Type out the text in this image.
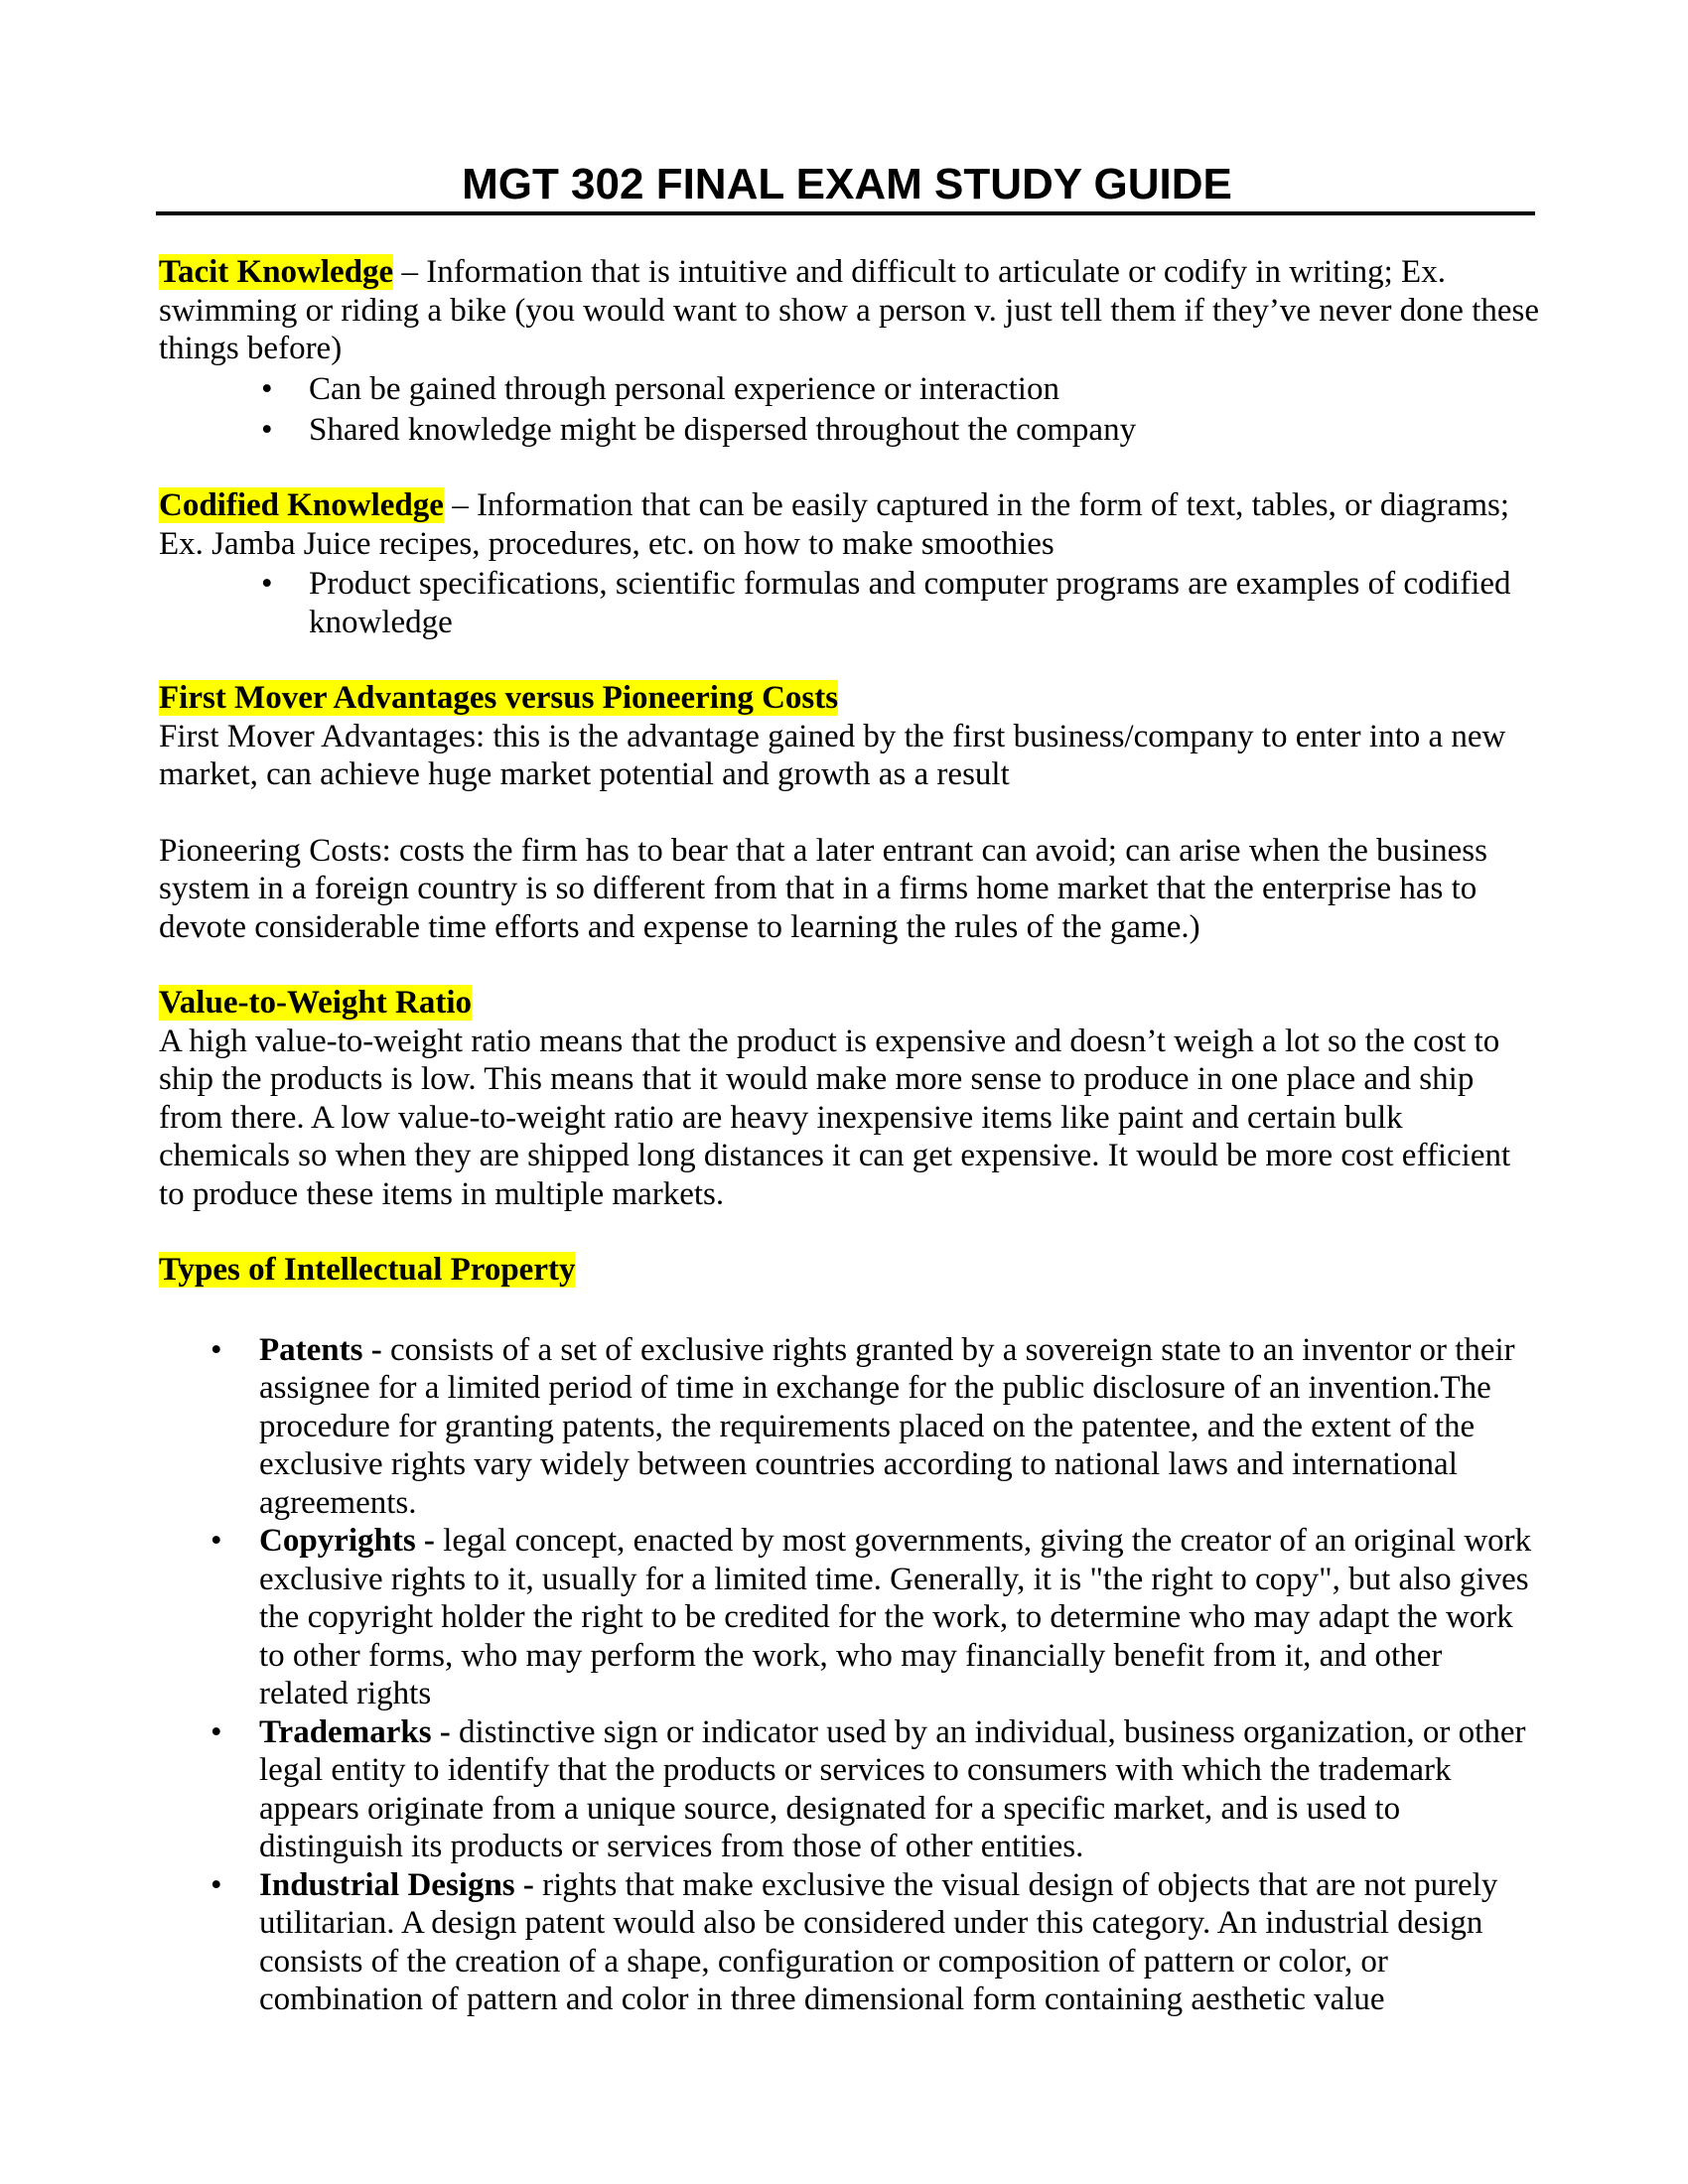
MGT 302 FINAL EXAM STUDY GUIDE

Tacit Knowledge – Information that is intuitive and difficult to articulate or codify in writing; Ex. swimming or riding a bike (you would want to show a person v. just tell them if they’ve never done these things before)

• Can be gained through personal experience or interaction
• Shared knowledge might be dispersed throughout the company

Codified Knowledge – Information that can be easily captured in the form of text, tables, or diagrams; Ex. Jamba Juice recipes, procedures, etc. on how to make smoothies

• Product specifications, scientific formulas and computer programs are examples of codified knowledge

First Mover Advantages versus Pioneering Costs

First Mover Advantages: this is the advantage gained by the first business/company to enter into a new market, can achieve huge market potential and growth as a result

Pioneering Costs: costs the firm has to bear that a later entrant can avoid; can arise when the business system in a foreign country is so different from that in a firms home market that the enterprise has to devote considerable time efforts and expense to learning the rules of the game.)

Value-to-Weight Ratio

A high value-to-weight ratio means that the product is expensive and doesn’t weigh a lot so the cost to ship the products is low. This means that it would make more sense to produce in one place and ship from there. A low value-to-weight ratio are heavy inexpensive items like paint and certain bulk chemicals so when they are shipped long distances it can get expensive. It would be more cost efficient to produce these items in multiple markets.

Types of Intellectual Property

• Patents - consists of a set of exclusive rights granted by a sovereign state to an inventor or their assignee for a limited period of time in exchange for the public disclosure of an invention.The procedure for granting patents, the requirements placed on the patentee, and the extent of the exclusive rights vary widely between countries according to national laws and international agreements.
• Copyrights - legal concept, enacted by most governments, giving the creator of an original work exclusive rights to it, usually for a limited time. Generally, it is "the right to copy", but also gives the copyright holder the right to be credited for the work, to determine who may adapt the work to other forms, who may perform the work, who may financially benefit from it, and other related rights
• Trademarks - distinctive sign or indicator used by an individual, business organization, or other legal entity to identify that the products or services to consumers with which the trademark appears originate from a unique source, designated for a specific market, and is used to distinguish its products or services from those of other entities.
• Industrial Designs - rights that make exclusive the visual design of objects that are not purely utilitarian. A design patent would also be considered under this category. An industrial design consists of the creation of a shape, configuration or composition of pattern or color, or combination of pattern and color in three dimensional form containing aesthetic value
